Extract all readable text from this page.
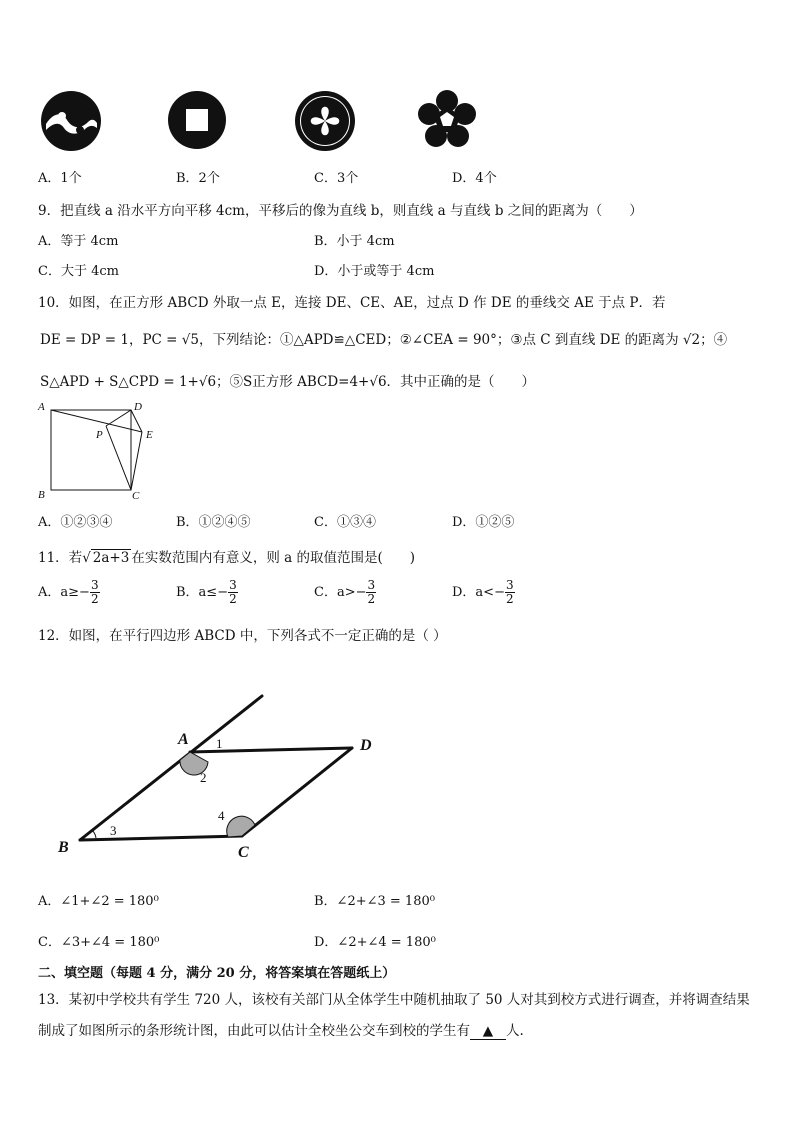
A．1个	B．2个	C．3个	D．4个
9．把直线 a 沿水平方向平移 4cm，平移后的像为直线 b，则直线 a 与直线 b 之间的距离为（　　）
A．等于 4cm	B．小于 4cm
C．大于 4cm	D．小于或等于 4cm
10．如图，在正方形 ABCD 外取一点 E，连接 DE、CE、AE，过点 D 作 DE 的垂线交 AE 于点 P．若
DE = DP = 1，PC = √5，下列结论：①△APD≌△CED；②∠CEA = 90°；③点 C 到直线 DE 的距离为 √2；④
S△APD + S△CPD = 1+√6；⑤S正方形 ABCD=4+√6．其中正确的是（　　）
A	D
P	E
B	C
A．①②③④	B．①②④⑤	C．①③④	D．①②⑤
11．若√ 2a+3 在实数范围内有意义，则 a 的取值范围是(　　)
A．$a\ge- \frac{3}{2}$	B．$a\le- \frac{3}{2}$	C．$a>- \frac{3}{2}$	D．$a<- \frac{3}{2}$
12．如图，在平行四边形 ABCD 中，下列各式不一定正确的是（ ）
A	D
B	C
1
2
3
4
A．∠1+∠2 = 180⁰	B．∠2+∠3 = 180⁰
C．∠3+∠4 = 180⁰	D．∠2+∠4 = 180⁰
二、填空题（每题 4 分，满分 20 分，将答案填在答题纸上）
13．某初中学校共有学生 720 人，该校有关部门从全体学生中随机抽取了 50 人对其到校方式进行调查，并将调查结果
制成了如图所示的条形统计图，由此可以估计全校坐公交车到校的学生有 ▲ 人.
